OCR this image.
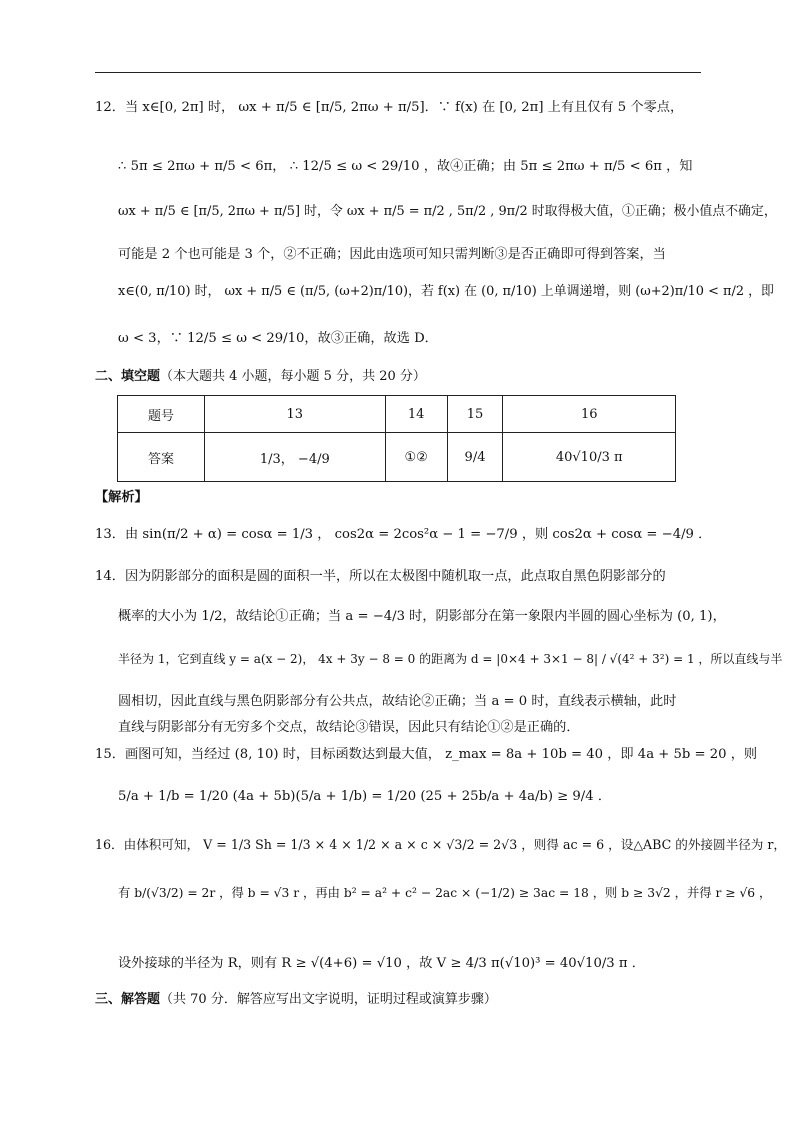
12．当 x∈[0, 2π] 时， ωx + π/5 ∈ [π/5, 2πω + π/5]．∵ f(x) 在 [0, 2π] 上有且仅有 5 个零点，
∴ 5π ≤ 2πω + π/5 < 6π， ∴ 12/5 ≤ ω < 29/10 ，故④正确；由 5π ≤ 2πω + π/5 < 6π ，知
ωx + π/5 ∈ [π/5, 2πω + π/5] 时，令 ωx + π/5 = π/2 , 5π/2 , 9π/2 时取得极大值，①正确；极小值点不确定，
可能是 2 个也可能是 3 个，②不正确；因此由选项可知只需判断③是否正确即可得到答案，当
x∈(0, π/10) 时， ωx + π/5 ∈ (π/5, (ω+2)π/10)，若 f(x) 在 (0, π/10) 上单调递增，则 (ω+2)π/10 < π/2 ，即
ω < 3，∵ 12/5 ≤ ω < 29/10，故③正确，故选 D．
二、填空题（本大题共 4 小题，每小题 5 分，共 20 分）
题号	13	14	15	16
答案	1/3， −4/9	①②	9/4	40√10/3 π
【解析】
13．由 sin(π/2 + α) = cosα = 1/3 ， cos2α = 2cos²α − 1 = −7/9 ，则 cos2α + cosα = −4/9 ．
14．因为阴影部分的面积是圆的面积一半，所以在太极图中随机取一点，此点取自黑色阴影部分的
概率的大小为 1/2，故结论①正确；当 a = −4/3 时，阴影部分在第一象限内半圆的圆心坐标为 (0, 1)，
半径为 1，它到直线 y = a(x − 2)， 4x + 3y − 8 = 0 的距离为 d = |0×4 + 3×1 − 8| / √(4² + 3²) = 1 ，所以直线与半
圆相切，因此直线与黑色阴影部分有公共点，故结论②正确；当 a = 0 时，直线表示横轴，此时
直线与阴影部分有无穷多个交点，故结论③错误，因此只有结论①②是正确的．
15．画图可知，当经过 (8, 10) 时，目标函数达到最大值， z_max = 8a + 10b = 40 ，即 4a + 5b = 20 ，则
5/a + 1/b = 1/20 (4a + 5b)(5/a + 1/b) = 1/20 (25 + 25b/a + 4a/b) ≥ 9/4 ．
16．由体积可知， V = 1/3 Sh = 1/3 × 4 × 1/2 × a × c × √3/2 = 2√3 ，则得 ac = 6 ，设△ABC 的外接圆半径为 r，
有 b/(√3/2) = 2r ，得 b = √3 r ，再由 b² = a² + c² − 2ac × (−1/2) ≥ 3ac = 18 ，则 b ≥ 3√2 ，并得 r ≥ √6 ，
设外接球的半径为 R，则有 R ≥ √(4+6) = √10 ，故 V ≥ 4/3 π(√10)³ = 40√10/3 π ．
三、解答题（共 70 分．解答应写出文字说明，证明过程或演算步骤）
